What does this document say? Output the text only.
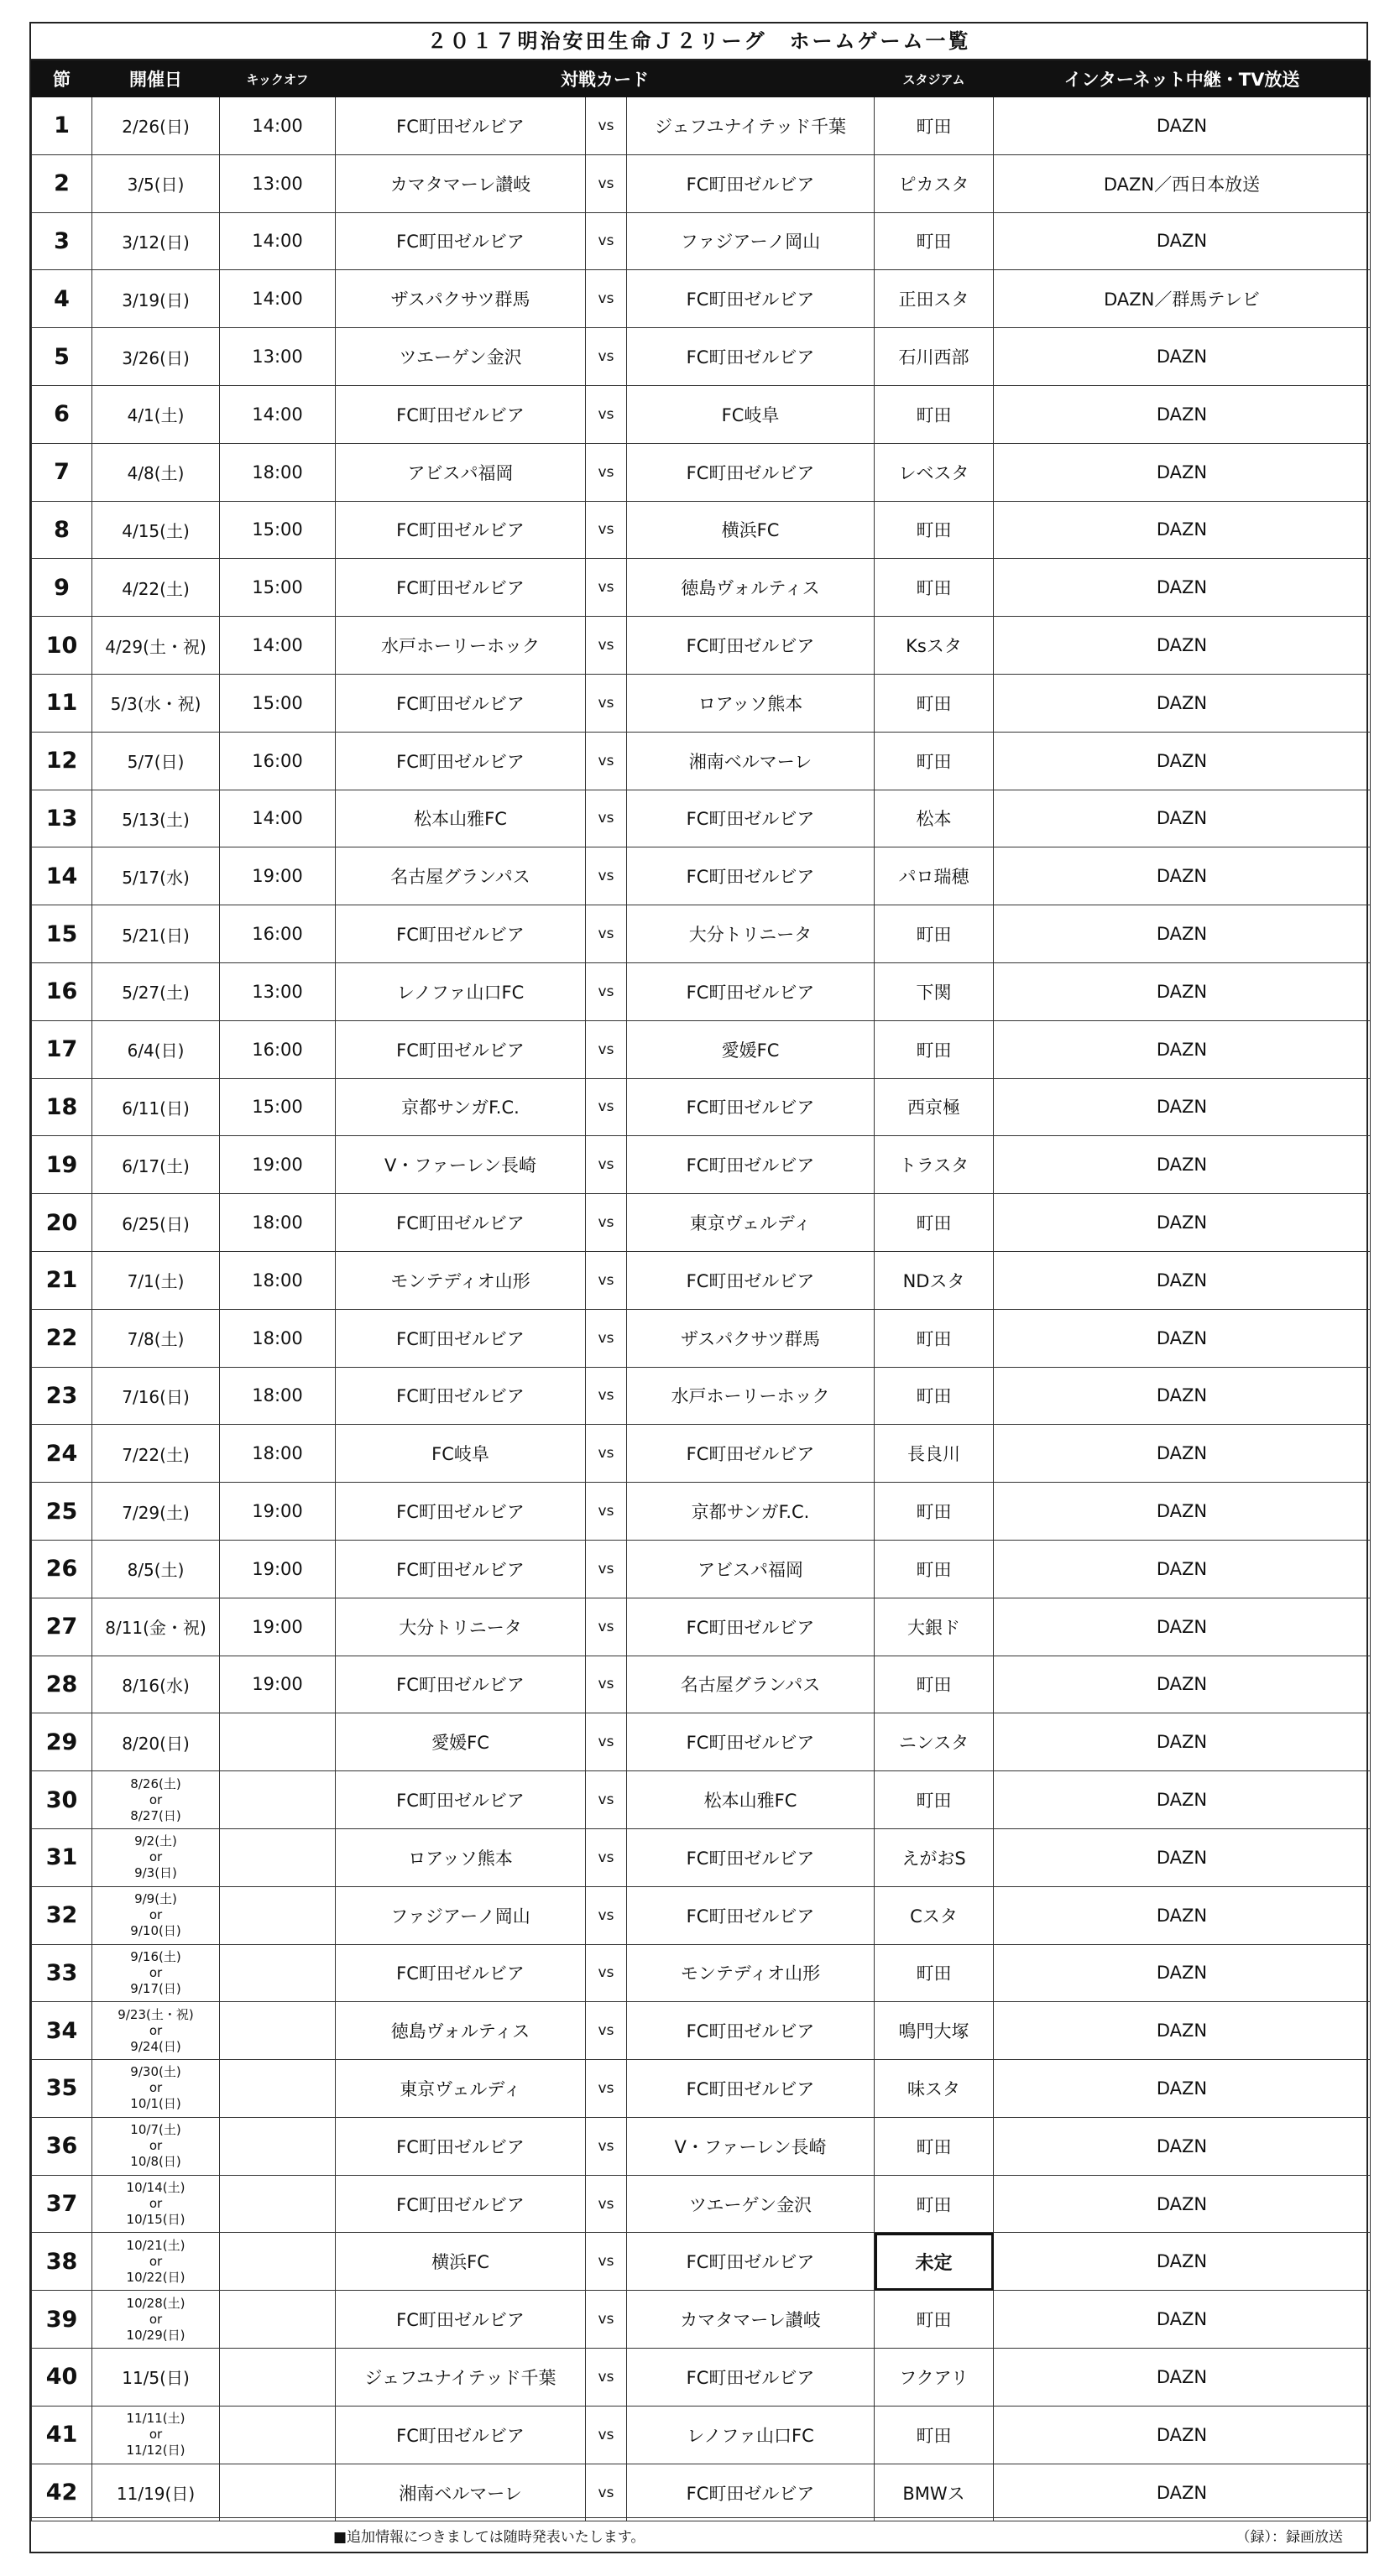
２０１７明治安田生命Ｊ２リーグ　ホームゲーム一覧
節	開催日	キックオフ	対戦カード			スタジアム	インターネット中継・TV放送
1	2/26(日)	14:00	FC町田ゼルビア	vs	ジェフユナイテッド千葉	町田	DAZN
2	3/5(日)	13:00	カマタマーレ讃岐	vs	FC町田ゼルビア	ピカスタ	DAZN／西日本放送
3	3/12(日)	14:00	FC町田ゼルビア	vs	ファジアーノ岡山	町田	DAZN
4	3/19(日)	14:00	ザスパクサツ群馬	vs	FC町田ゼルビア	正田スタ	DAZN／群馬テレビ
5	3/26(日)	13:00	ツエーゲン金沢	vs	FC町田ゼルビア	石川西部	DAZN
6	4/1(土)	14:00	FC町田ゼルビア	vs	FC岐阜	町田	DAZN
7	4/8(土)	18:00	アビスパ福岡	vs	FC町田ゼルビア	レベスタ	DAZN
8	4/15(土)	15:00	FC町田ゼルビア	vs	横浜FC	町田	DAZN
9	4/22(土)	15:00	FC町田ゼルビア	vs	徳島ヴォルティス	町田	DAZN
10	4/29(土・祝)	14:00	水戸ホーリーホック	vs	FC町田ゼルビア	Ksスタ	DAZN
11	5/3(水・祝)	15:00	FC町田ゼルビア	vs	ロアッソ熊本	町田	DAZN
12	5/7(日)	16:00	FC町田ゼルビア	vs	湘南ベルマーレ	町田	DAZN
13	5/13(土)	14:00	松本山雅FC	vs	FC町田ゼルビア	松本	DAZN
14	5/17(水)	19:00	名古屋グランパス	vs	FC町田ゼルビア	パロ瑞穂	DAZN
15	5/21(日)	16:00	FC町田ゼルビア	vs	大分トリニータ	町田	DAZN
16	5/27(土)	13:00	レノファ山口FC	vs	FC町田ゼルビア	下関	DAZN
17	6/4(日)	16:00	FC町田ゼルビア	vs	愛媛FC	町田	DAZN
18	6/11(日)	15:00	京都サンガF.C.	vs	FC町田ゼルビア	西京極	DAZN
19	6/17(土)	19:00	V・ファーレン長崎	vs	FC町田ゼルビア	トラスタ	DAZN
20	6/25(日)	18:00	FC町田ゼルビア	vs	東京ヴェルディ	町田	DAZN
21	7/1(土)	18:00	モンテディオ山形	vs	FC町田ゼルビア	NDスタ	DAZN
22	7/8(土)	18:00	FC町田ゼルビア	vs	ザスパクサツ群馬	町田	DAZN
23	7/16(日)	18:00	FC町田ゼルビア	vs	水戸ホーリーホック	町田	DAZN
24	7/22(土)	18:00	FC岐阜	vs	FC町田ゼルビア	長良川	DAZN
25	7/29(土)	19:00	FC町田ゼルビア	vs	京都サンガF.C.	町田	DAZN
26	8/5(土)	19:00	FC町田ゼルビア	vs	アビスパ福岡	町田	DAZN
27	8/11(金・祝)	19:00	大分トリニータ	vs	FC町田ゼルビア	大銀ド	DAZN
28	8/16(水)	19:00	FC町田ゼルビア	vs	名古屋グランパス	町田	DAZN
29	8/20(日)		愛媛FC	vs	FC町田ゼルビア	ニンスタ	DAZN
30	8/26(土)
or
8/27(日)		FC町田ゼルビア	vs	松本山雅FC	町田	DAZN
31	9/2(土)
or
9/3(日)		ロアッソ熊本	vs	FC町田ゼルビア	えがおS	DAZN
32	9/9(土)
or
9/10(日)		ファジアーノ岡山	vs	FC町田ゼルビア	Cスタ	DAZN
33	9/16(土)
or
9/17(日)		FC町田ゼルビア	vs	モンテディオ山形	町田	DAZN
34	9/23(土・祝)
or
9/24(日)		徳島ヴォルティス	vs	FC町田ゼルビア	鳴門大塚	DAZN
35	9/30(土)
or
10/1(日)		東京ヴェルディ	vs	FC町田ゼルビア	味スタ	DAZN
36	10/7(土)
or
10/8(日)		FC町田ゼルビア	vs	V・ファーレン長崎	町田	DAZN
37	10/14(土)
or
10/15(日)		FC町田ゼルビア	vs	ツエーゲン金沢	町田	DAZN
38	10/21(土)
or
10/22(日)		横浜FC	vs	FC町田ゼルビア	未定	DAZN
39	10/28(土)
or
10/29(日)		FC町田ゼルビア	vs	カマタマーレ讃岐	町田	DAZN
40	11/5(日)		ジェフユナイテッド千葉	vs	FC町田ゼルビア	フクアリ	DAZN
41	11/11(土)
or
11/12(日)		FC町田ゼルビア	vs	レノファ山口FC	町田	DAZN
42	11/19(日)		湘南ベルマーレ	vs	FC町田ゼルビア	BMWス	DAZN
■追加情報につきましては随時発表いたします。	（録）：録画放送
